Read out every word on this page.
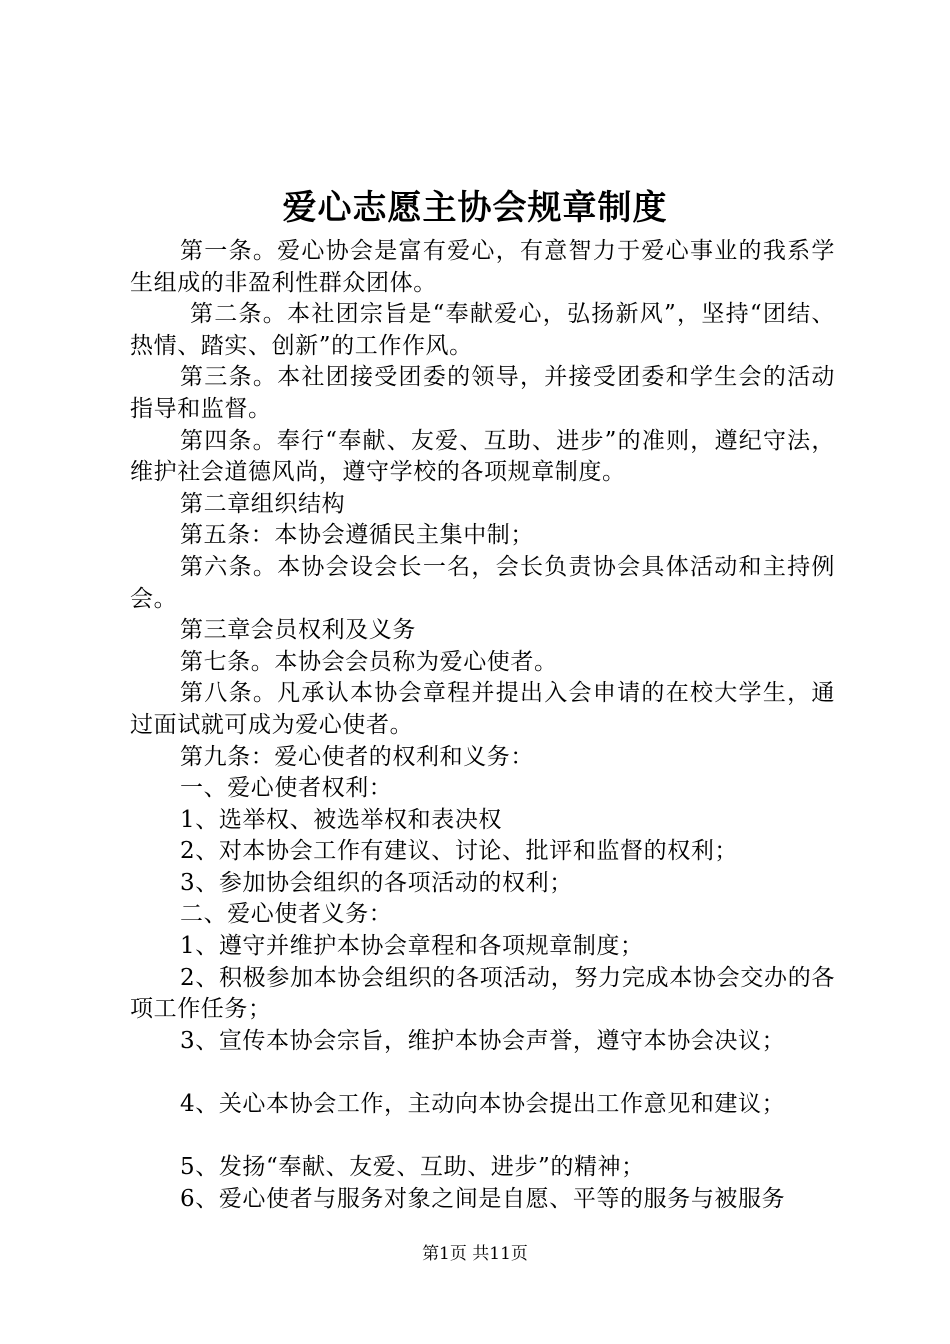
爱心志愿主协会规章制度

第一条。爱心协会是富有爱心，有意智力于爱心事业的我系学生组成的非盈利性群众团体。

第二条。本社团宗旨是“奉献爱心，弘扬新风”，坚持“团结、热情、踏实、创新”的工作作风。

第三条。本社团接受团委的领导，并接受团委和学生会的活动指导和监督。

第四条。奉行“奉献、友爱、互助、进步”的准则，遵纪守法，维护社会道德风尚，遵守学校的各项规章制度。

第二章组织结构

第五条：本协会遵循民主集中制；

第六条。本协会设会长一名，会长负责协会具体活动和主持例会。

第三章会员权利及义务

第七条。本协会会员称为爱心使者。

第八条。凡承认本协会章程并提出入会申请的在校大学生，通过面试就可成为爱心使者。

第九条：爱心使者的权利和义务：

一、爱心使者权利：

1、选举权、被选举权和表决权

2、对本协会工作有建议、讨论、批评和监督的权利；

3、参加协会组织的各项活动的权利；

二、爱心使者义务：

1、遵守并维护本协会章程和各项规章制度；

2、积极参加本协会组织的各项活动，努力完成本协会交办的各项工作任务；

3、宣传本协会宗旨，维护本协会声誉，遵守本协会决议；

4、关心本协会工作，主动向本协会提出工作意见和建议；

5、发扬“奉献、友爱、互助、进步”的精神；

6、爱心使者与服务对象之间是自愿、平等的服务与被服务

第1页 共11页
